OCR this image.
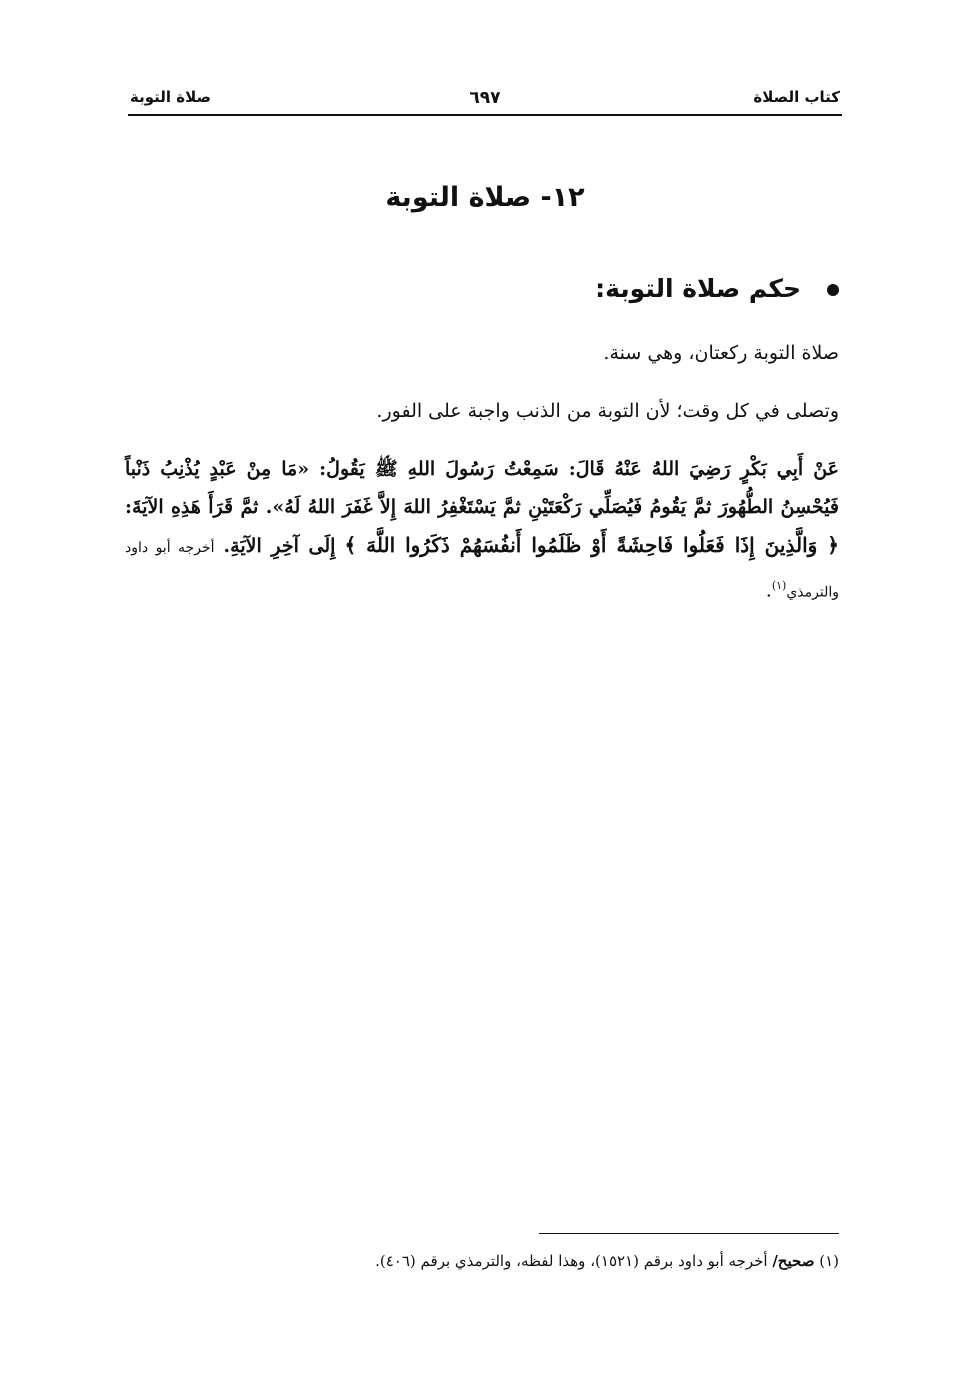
كتاب الصلاة
٦٩٧
صلاة التوبة
١٢- صلاة التوبة
حكم صلاة التوبة:
صلاة التوبة ركعتان، وهي سنة.
وتصلى في كل وقت؛ لأن التوبة من الذنب واجبة على الفور.
عَنْ أَبِي بَكْرٍ رَضِيَ اللهُ عَنْهُ قَالَ: سَمِعْتُ رَسُولَ اللهِ ﷺ يَقُولُ: «مَا مِنْ عَبْدٍ يُذْنِبُ ذَنْباً فَيُحْسِنُ الطُّهُورَ ثمَّ يَقُومُ فَيُصَلِّي رَكْعَتَيْنِ ثمَّ يَسْتَغْفِرُ اللهَ إِلاَّ غَفَرَ اللهُ لَهُ». ثمَّ قَرَأَ هَذِهِ الآيَةَ: ﴿ وَالَّذِينَ إِذَا فَعَلُوا فَاحِشَةً أَوْ ظَلَمُوا أَنفُسَهُمْ ذَكَرُوا اللَّهَ ﴾ إِلَى آخِرِ الآيَةِ. أخرجه أبو داود والترمذي$^{(١)}$.
(١) صحيح/ أخرجه أبو داود برقم (١٥٢١)، وهذا لفظه، والترمذي برقم (٤٠٦).
